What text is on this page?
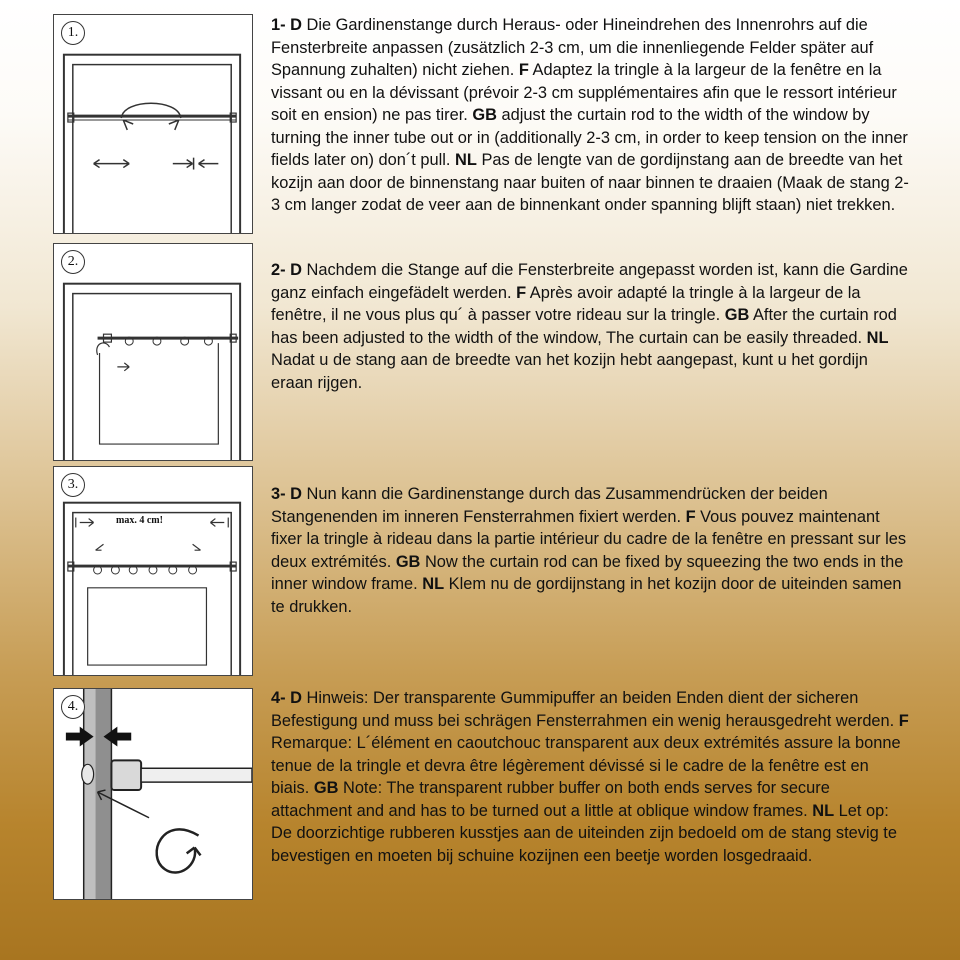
1.
2.
3.
max. 4 cm!
4.

1- D Die Gardinenstange durch Heraus- oder Hineindrehen des Innenrohrs auf die Fensterbreite anpassen (zusätzlich 2-3 cm, um die innenliegende Felder später auf Spannung zuhalten) nicht ziehen. F Adaptez la tringle à la largeur de la fenêtre en la vissant ou en la dévissant (prévoir 2-3 cm supplémentaires afin que le ressort intérieur soit en ension) ne pas tirer. GB adjust the curtain rod to the width of the window by turning the inner tube out or in (additionally 2-3 cm, in order to keep tension on the inner fields later on) don´t pull. NL Pas de lengte van de gordijnstang aan de breedte van het kozijn aan door de binnenstang naar buiten of naar binnen te draaien (Maak de stang 2-3 cm langer zodat de veer aan de binnenkant onder spanning blijft staan) niet trekken.

2- D Nachdem die Stange auf die Fensterbreite angepasst worden ist, kann die Gardine ganz einfach eingefädelt werden. F Après avoir adapté la tringle à la largeur de la fenêtre, il ne vous plus qu´ à passer votre rideau sur la tringle. GB After the curtain rod has been adjusted to the width of the window, The curtain can be easily threaded. NL Nadat u de stang aan de breedte van het kozijn hebt aangepast, kunt u het gordijn eraan rijgen.

3- D Nun kann die Gardinenstange durch das Zusammendrücken der beiden Stangenenden im inneren Fensterrahmen fixiert werden. F Vous pouvez maintenant fixer la tringle à rideau dans la partie intérieur du cadre de la fenêtre en pressant sur les deux extrémités. GB Now the curtain rod can be fixed by squeezing the two ends in the inner window frame. NL Klem nu de gordijnstang in het kozijn door de uiteinden samen te drukken.

4- D Hinweis: Der transparente Gummipuffer an beiden Enden dient der sicheren Befestigung und muss bei schrägen Fensterrahmen ein wenig herausgedreht werden. F Remarque: L´élément en caoutchouc transparent aux deux extrémités assure la bonne tenue de la tringle et devra être légèrement dévissé si le cadre de la fenêtre est en biais. GB Note: The transparent rubber buffer on both ends serves for secure attachment and and has to be turned out a little at oblique window frames. NL Let op: De doorzichtige rubberen kusstjes aan de uiteinden zijn bedoeld om de stang stevig te bevestigen en moeten bij schuine kozijnen een beetje worden losgedraaid.
